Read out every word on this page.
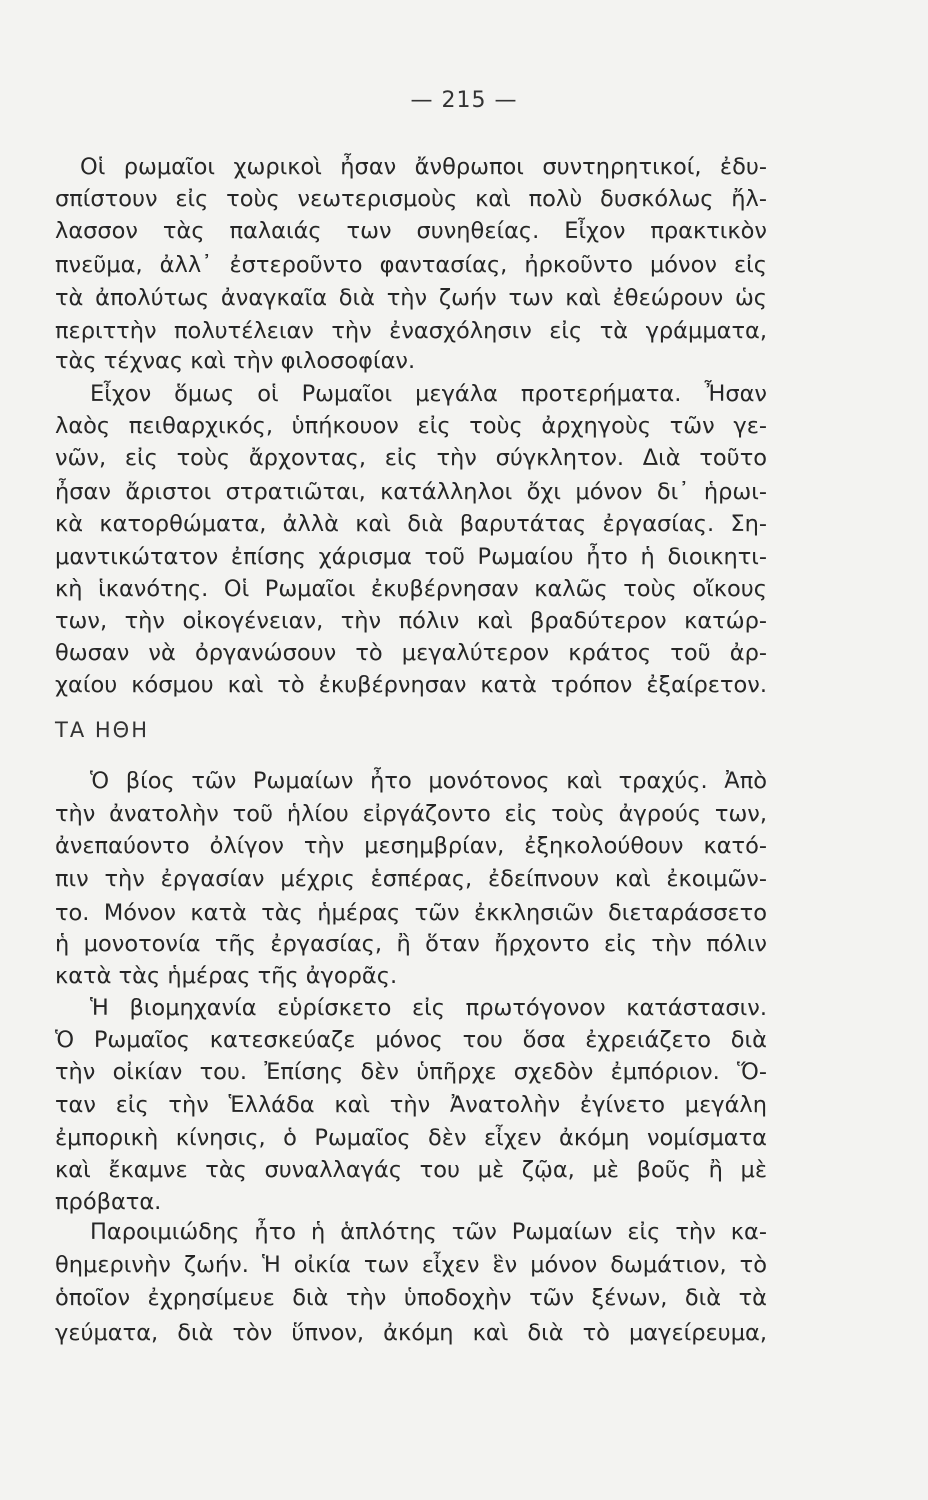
— 215 —
Οἱ ρωμαῖοι χωρικοὶ ἦσαν ἄνθρωποι συντηρητικοί, ἐδυ-
σπίστουν εἰς τοὺς νεωτερισμοὺς καὶ πολὺ δυσκόλως ἤλ-
λασσον τὰς παλαιάς των συνηθείας. Εἶχον πρακτικὸν
πνεῦμα, ἀλλ᾽ ἐστεροῦντο φαντασίας, ἠρκοῦντο μόνον εἰς
τὰ ἀπολύτως ἀναγκαῖα διὰ τὴν ζωήν των καὶ ἐθεώρουν ὡς
περιττὴν πολυτέλειαν τὴν ἐνασχόλησιν εἰς τὰ γράμματα,
τὰς τέχνας καὶ τὴν φιλοσοφίαν.
Εἶχον ὅμως οἱ Ρωμαῖοι μεγάλα προτερήματα. Ἦσαν
λαὸς πειθαρχικός, ὑπήκουον εἰς τοὺς ἀρχηγοὺς τῶν γε-
νῶν, εἰς τοὺς ἄρχοντας, εἰς τὴν σύγκλητον. Διὰ τοῦτο
ἦσαν ἄριστοι στρατιῶται, κατάλληλοι ὄχι μόνον δι᾽ ἡρωι-
κὰ κατορθώματα, ἀλλὰ καὶ διὰ βαρυτάτας ἐργασίας. Ση-
μαντικώτατον ἐπίσης χάρισμα τοῦ Ρωμαίου ἦτο ἡ διοικητι-
κὴ ἱκανότης. Οἱ Ρωμαῖοι ἐκυβέρνησαν καλῶς τοὺς οἴκους
των, τὴν οἰκογένειαν, τὴν πόλιν καὶ βραδύτερον κατώρ-
θωσαν νὰ ὀργανώσουν τὸ μεγαλύτερον κράτος τοῦ ἀρ-
χαίου κόσμου καὶ τὸ ἐκυβέρνησαν κατὰ τρόπον ἐξαίρετον.
ΤΑ ΗΘΗ
Ὁ βίος τῶν Ρωμαίων ἦτο μονότονος καὶ τραχύς. Ἀπὸ
τὴν ἀνατολὴν τοῦ ἡλίου εἰργάζοντο εἰς τοὺς ἀγρούς των,
ἀνεπαύοντο ὀλίγον τὴν μεσημβρίαν, ἐξηκολούθουν κατό-
πιν τὴν ἐργασίαν μέχρις ἑσπέρας, ἐδείπνουν καὶ ἐκοιμῶν-
το. Μόνον κατὰ τὰς ἡμέρας τῶν ἐκκλησιῶν διεταράσσετο
ἡ μονοτονία τῆς ἐργασίας, ἢ ὅταν ἤρχοντο εἰς τὴν πόλιν
κατὰ τὰς ἡμέρας τῆς ἀγορᾶς.
Ἡ βιομηχανία εὑρίσκετο εἰς πρωτόγονον κατάστασιν.
Ὁ Ρωμαῖος κατεσκεύαζε μόνος του ὅσα ἐχρειάζετο διὰ
τὴν οἰκίαν του. Ἐπίσης δὲν ὑπῆρχε σχεδὸν ἐμπόριον. Ὅ-
ταν εἰς τὴν Ἑλλάδα καὶ τὴν Ἀνατολὴν ἐγίνετο μεγάλη
ἐμπορικὴ κίνησις, ὁ Ρωμαῖος δὲν εἶχεν ἀκόμη νομίσματα
καὶ ἔκαμνε τὰς συναλλαγάς του μὲ ζῷα, μὲ βοῦς ἢ μὲ
πρόβατα.
Παροιμιώδης ἦτο ἡ ἁπλότης τῶν Ρωμαίων εἰς τὴν κα-
θημερινὴν ζωήν. Ἡ οἰκία των εἶχεν ἓν μόνον δωμάτιον, τὸ
ὁποῖον ἐχρησίμευε διὰ τὴν ὑποδοχὴν τῶν ξένων, διὰ τὰ
γεύματα, διὰ τὸν ὕπνον, ἀκόμη καὶ διὰ τὸ μαγείρευμα,
